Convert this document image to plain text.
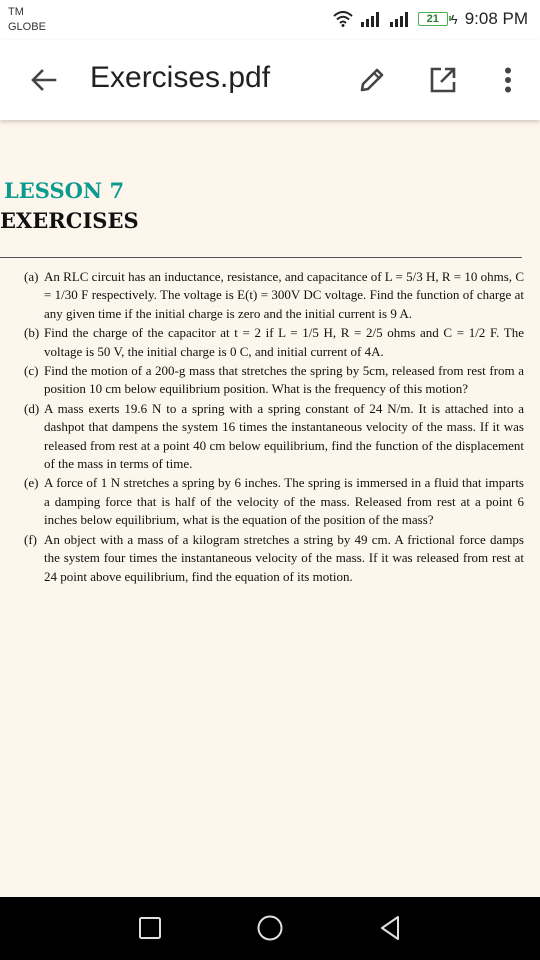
TM
GLOBE
21 ϟ 9:08 PM
Exercises.pdf
LESSON 7
EXERCISES
(a) An RLC circuit has an inductance, resistance, and capacitance of L = 5/3 H, R = 10 ohms, C = 1/30 F respectively. The voltage is E(t) = 300V DC voltage. Find the function of charge at any given time if the initial charge is zero and the initial current is 9 A.
(b) Find the charge of the capacitor at t = 2 if L = 1/5 H, R = 2/5 ohms and C = 1/2 F. The voltage is 50 V, the initial charge is 0 C, and initial current of 4A.
(c) Find the motion of a 200-g mass that stretches the spring by 5cm, released from rest from a position 10 cm below equilibrium position. What is the frequency of this motion?
(d) A mass exerts 19.6 N to a spring with a spring constant of 24 N/m. It is attached into a dashpot that dampens the system 16 times the instantaneous velocity of the mass. If it was released from rest at a point 40 cm below equilibrium, find the function of the displacement of the mass in terms of time.
(e) A force of 1 N stretches a spring by 6 inches. The spring is immersed in a fluid that imparts a damping force that is half of the velocity of the mass. Released from rest at a point 6 inches below equilibrium, what is the equation of the position of the mass?
(f) An object with a mass of a kilogram stretches a string by 49 cm. A frictional force damps the system four times the instantaneous velocity of the mass. If it was released from rest at 24 point above equilibrium, find the equation of its motion.
